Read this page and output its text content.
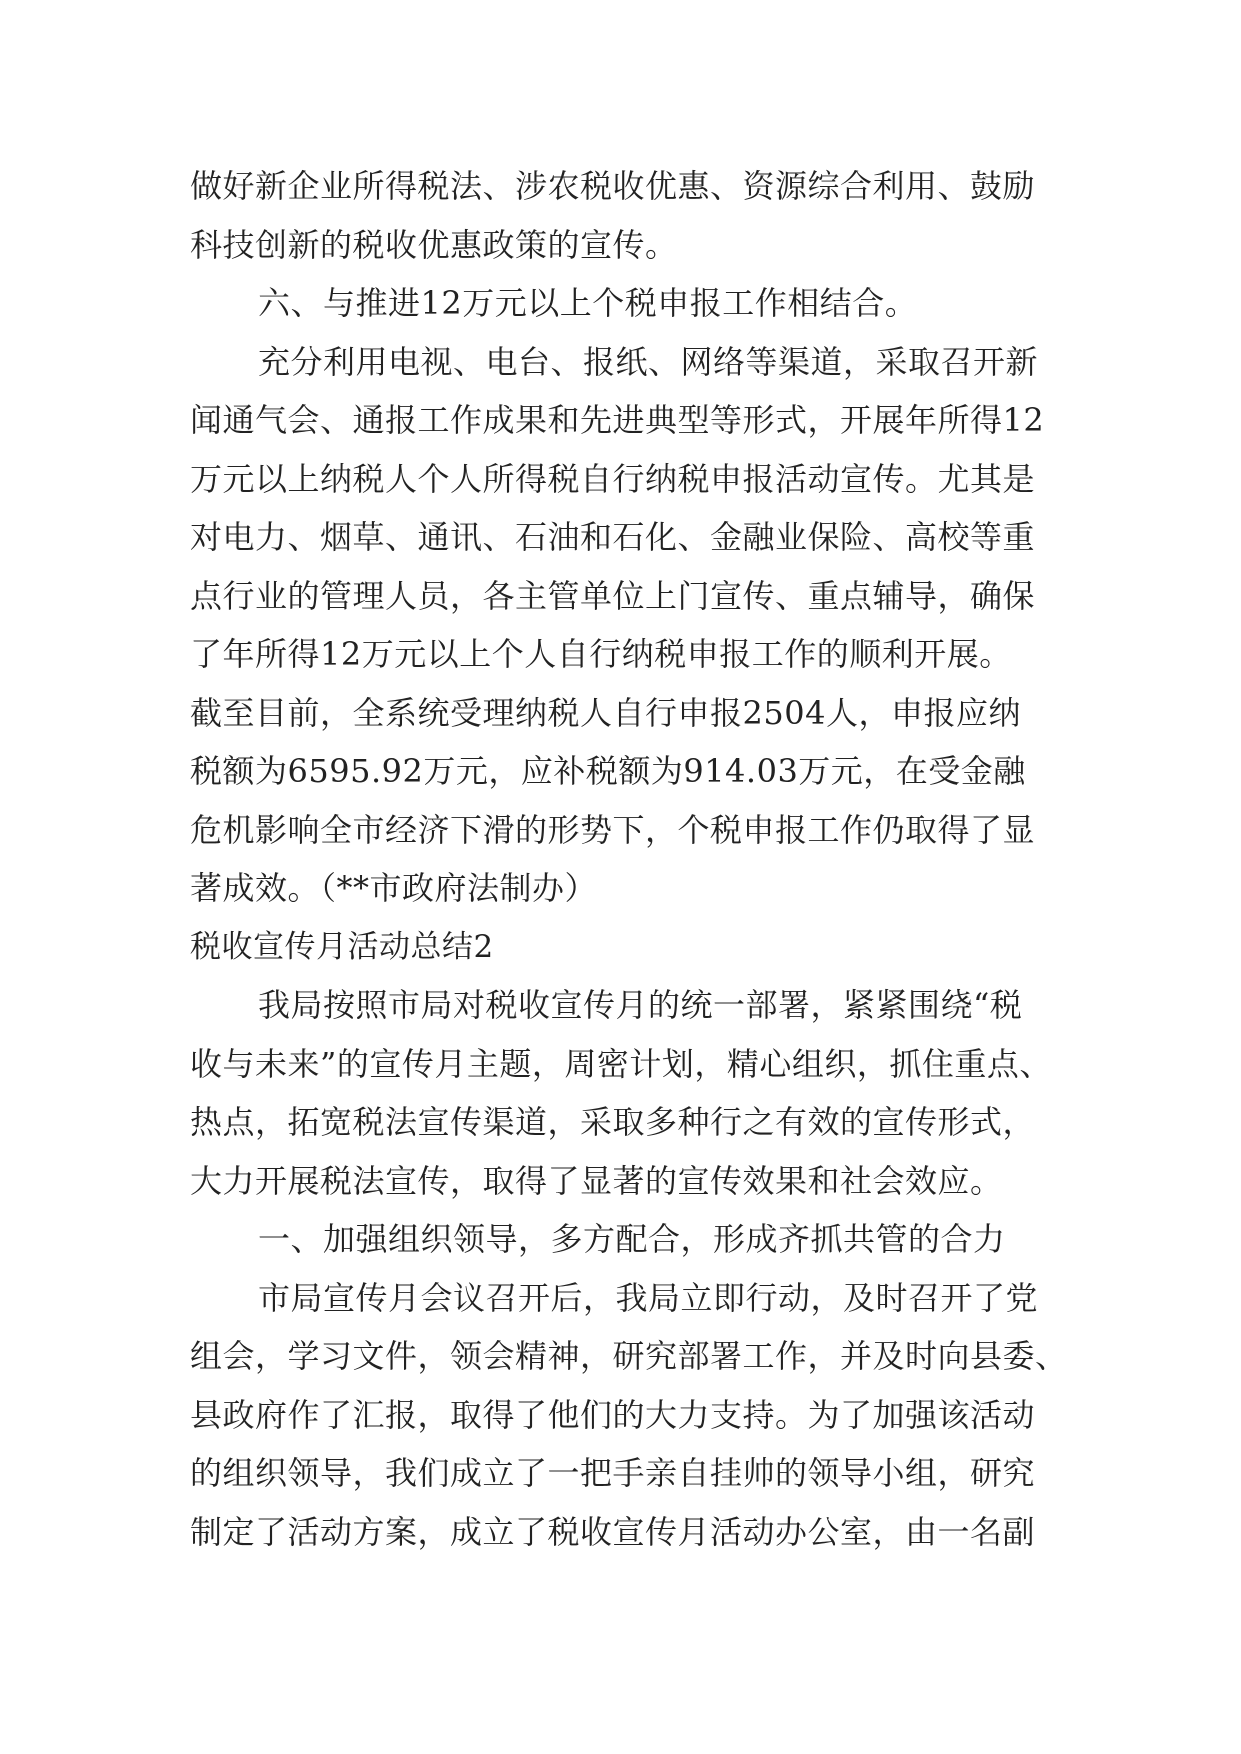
做好新企业所得税法、涉农税收优惠、资源综合利用、鼓励
科技创新的税收优惠政策的宣传。
六、与推进12万元以上个税申报工作相结合。
充分利用电视、电台、报纸、网络等渠道，采取召开新
闻通气会、通报工作成果和先进典型等形式，开展年所得12
万元以上纳税人个人所得税自行纳税申报活动宣传。尤其是
对电力、烟草、通讯、石油和石化、金融业保险、高校等重
点行业的管理人员，各主管单位上门宣传、重点辅导，确保
了年所得12万元以上个人自行纳税申报工作的顺利开展。
截至目前，全系统受理纳税人自行申报2504人，申报应纳
税额为6595.92万元，应补税额为914.03万元，在受金融
危机影响全市经济下滑的形势下，个税申报工作仍取得了显
著成效。（**市政府法制办）
税收宣传月活动总结2
我局按照市局对税收宣传月的统一部署，紧紧围绕“税
收与未来”的宣传月主题，周密计划，精心组织，抓住重点、
热点，拓宽税法宣传渠道，采取多种行之有效的宣传形式，
大力开展税法宣传，取得了显著的宣传效果和社会效应。
一、加强组织领导，多方配合，形成齐抓共管的合力
市局宣传月会议召开后，我局立即行动，及时召开了党
组会，学习文件，领会精神，研究部署工作，并及时向县委、
县政府作了汇报，取得了他们的大力支持。为了加强该活动
的组织领导，我们成立了一把手亲自挂帅的领导小组，研究
制定了活动方案，成立了税收宣传月活动办公室，由一名副
